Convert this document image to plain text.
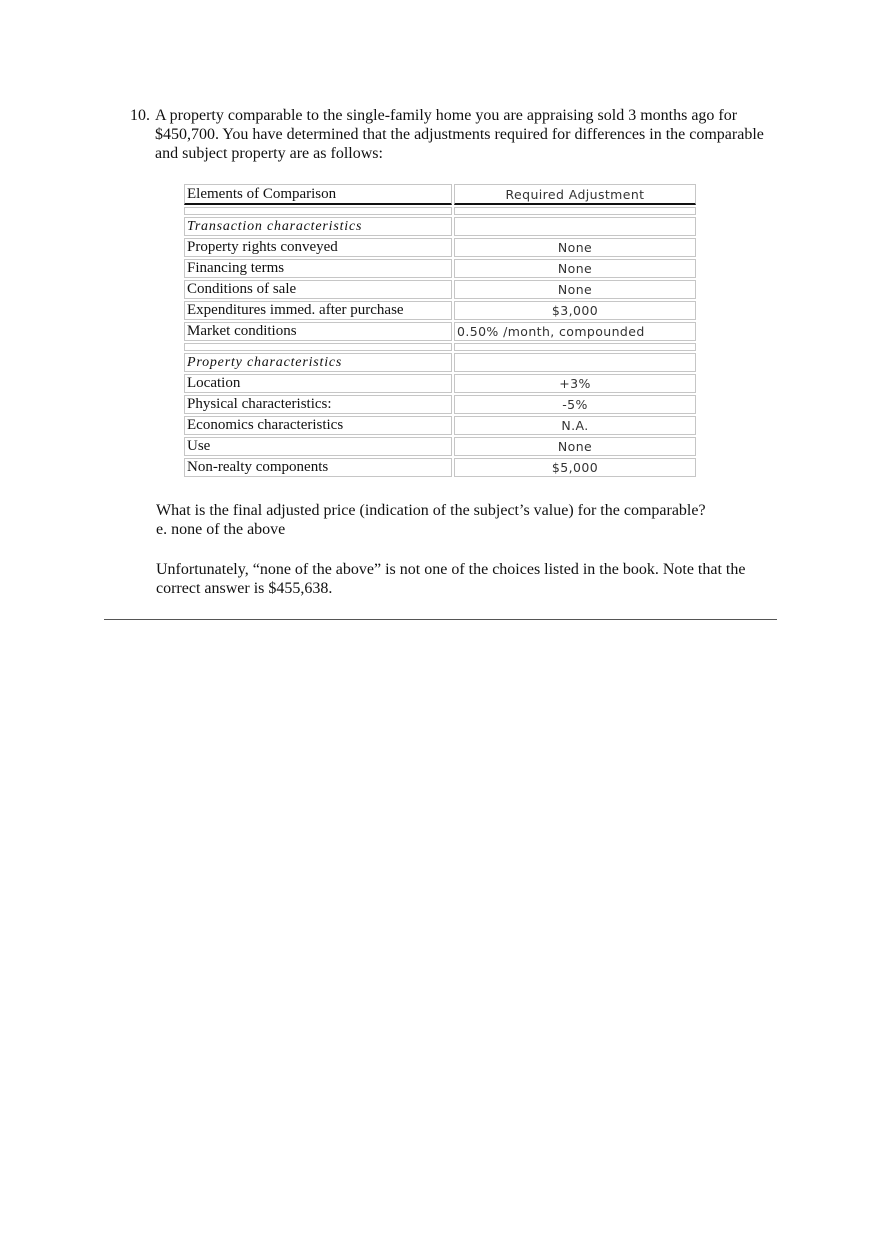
10. A property comparable to the single-family home you are appraising sold 3 months ago for $450,700. You have determined that the adjustments required for differences in the comparable and subject property are as follows:
Elements of Comparison	Required Adjustment

Transaction characteristics	
Property rights conveyed	None
Financing terms	None
Conditions of sale	None
Expenditures immed. after purchase	$3,000
Market conditions	0.50% /month, compounded

Property characteristics	
Location	+3%
Physical characteristics:	-5%
Economics characteristics	N.A.
Use	None
Non-realty components	$5,000
What is the final adjusted price (indication of the subject’s value) for the comparable?
e. none of the above
Unfortunately, “none of the above” is not one of the choices listed in the book. Note that the correct answer is $455,638.
